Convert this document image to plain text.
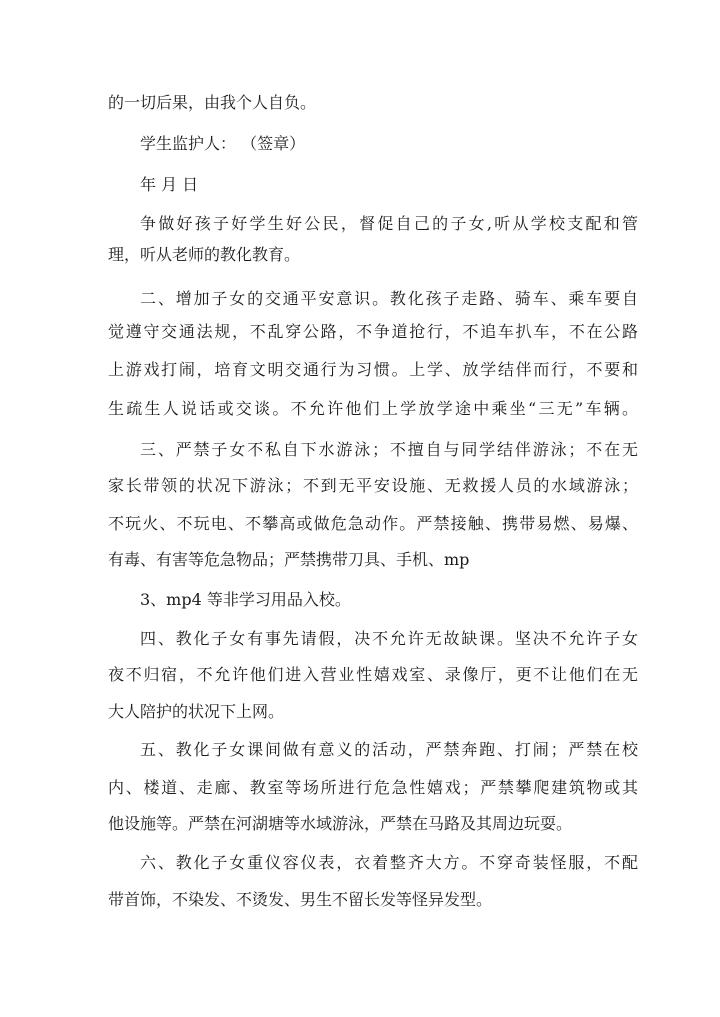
的一切后果，由我个人自负。

学生监护人： （签章）

年 月 日

争做好孩子好学生好公民，督促自己的子女,听从学校支配和管

理，听从老师的教化教育。

二、增加子女的交通平安意识。教化孩子走路、骑车、乘车要自

觉遵守交通法规，不乱穿公路，不争道抢行，不追车扒车，不在公路

上游戏打闹，培育文明交通行为习惯。上学、放学结伴而行，不要和

生疏生人说话或交谈。不允许他们上学放学途中乘坐“三无”车辆。

三、严禁子女不私自下水游泳；不擅自与同学结伴游泳；不在无

家长带领的状况下游泳；不到无平安设施、无救援人员的水域游泳；

不玩火、不玩电、不攀高或做危急动作。严禁接触、携带易燃、易爆、

有毒、有害等危急物品；严禁携带刀具、手机、mp

3、mp4 等非学习用品入校。

四、教化子女有事先请假，决不允许无故缺课。坚决不允许子女

夜不归宿，不允许他们进入营业性嬉戏室、录像厅，更不让他们在无

大人陪护的状况下上网。

五、教化子女课间做有意义的活动，严禁奔跑、打闹；严禁在校

内、楼道、走廊、教室等场所进行危急性嬉戏；严禁攀爬建筑物或其

他设施等。严禁在河湖塘等水域游泳，严禁在马路及其周边玩耍。

六、教化子女重仪容仪表，衣着整齐大方。不穿奇装怪服，不配

带首饰，不染发、不烫发、男生不留长发等怪异发型。
